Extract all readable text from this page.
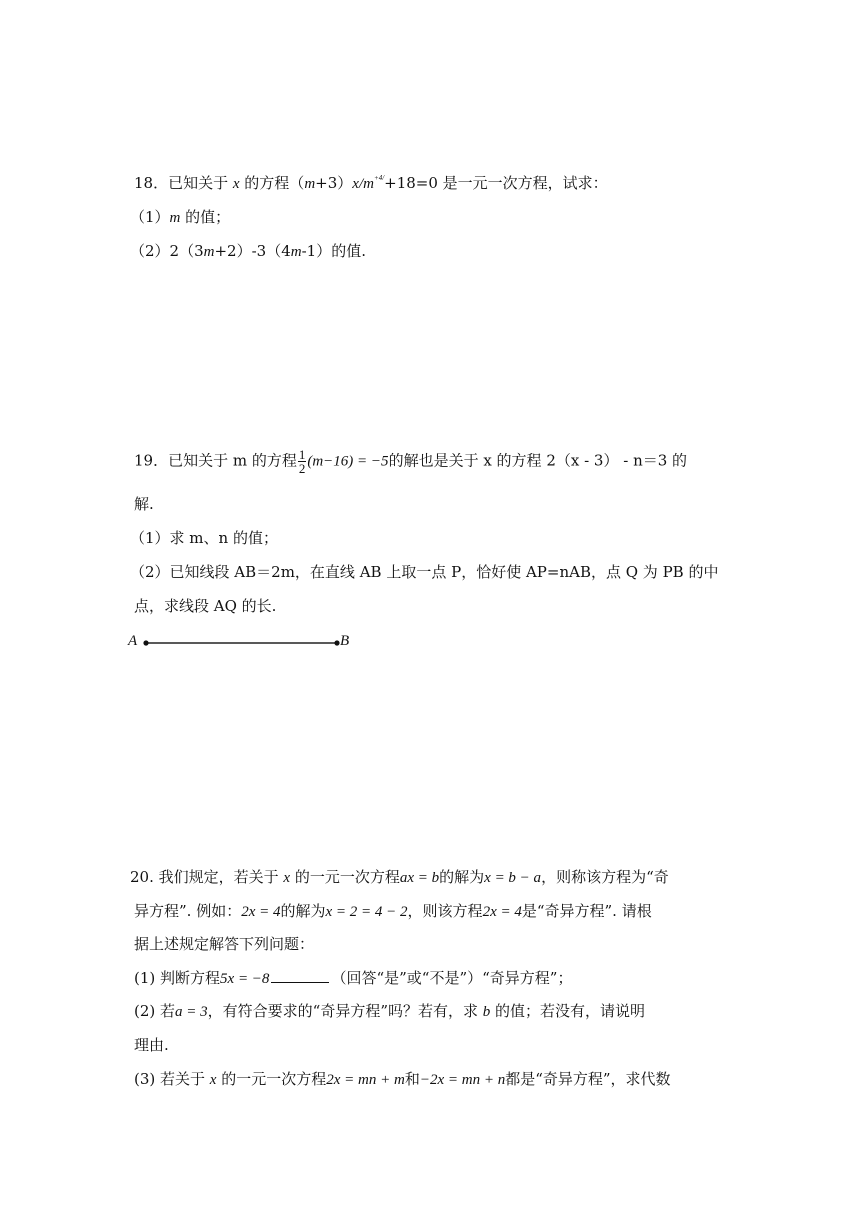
18．已知关于 x 的方程$(m+3)x/m^{+4/}+18=0$ 是一元一次方程，试求：
（1）m 的值；
（2）2（3m+2）-3（4m-1）的值.
19．已知关于 m 的方程 $\frac{1}{2} (m-16) = -5$的解也是关于 x 的方程 2（x - 3） - n＝3 的
解.
（1）求 m、n 的值；
（2）已知线段 AB＝2m，在直线 AB 上取一点 P，恰好使 AP=nAB，点 Q 为 PB 的中
点，求线段 AQ 的长.
A	B
20. 我们规定，若关于 x 的一元一次方程ax = b的解为x = b − a，则称该方程为“奇
异方程”. 例如：2x = 4的解为x = 2 = 4 − 2，则该方程2x = 4是“奇异方程”. 请根
据上述规定解答下列问题：
(1) 判断方程5x = −8	（回答“是”或“不是”）“奇异方程”；
(2) 若a = 3，有符合要求的“奇异方程”吗？若有，求 b 的值；若没有，请说明
理由.
(3) 若关于 x 的一元一次方程2x = mn + m和−2x = mn + n都是“奇异方程”，求代数
